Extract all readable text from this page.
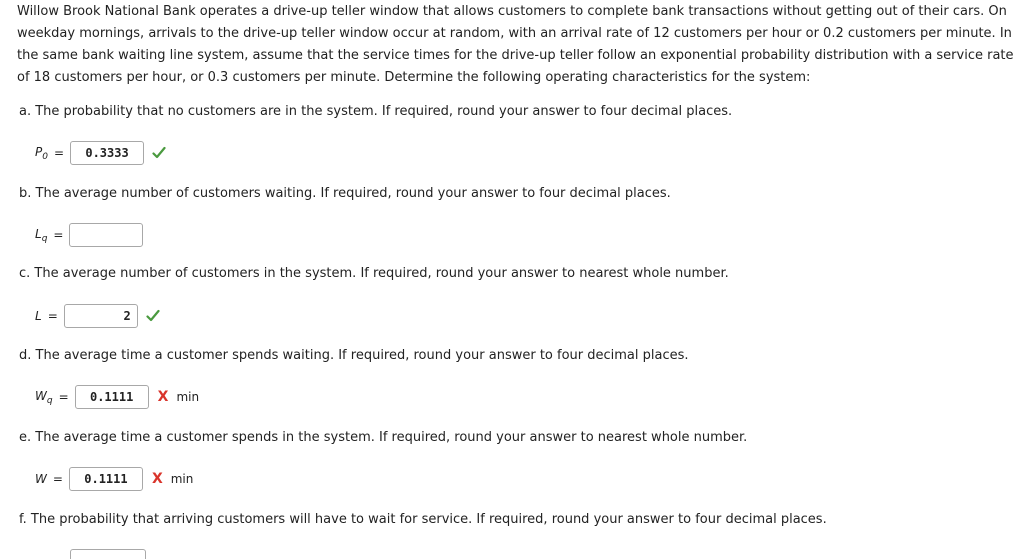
Willow Brook National Bank operates a drive-up teller window that allows customers to complete bank transactions without getting out of their cars. On weekday mornings, arrivals to the drive-up teller window occur at random, with an arrival rate of 12 customers per hour or 0.2 customers per minute. In the same bank waiting line system, assume that the service times for the drive-up teller follow an exponential probability distribution with a service rate of 18 customers per hour, or 0.3 customers per minute. Determine the following operating characteristics for the system:
a. The probability that no customers are in the system. If required, round your answer to four decimal places.
$P_0$ =	0.3333
b. The average number of customers waiting. If required, round your answer to four decimal places.
$L_q$ =
c. The average number of customers in the system. If required, round your answer to nearest whole number.
L =	2
d. The average time a customer spends waiting. If required, round your answer to four decimal places.
$W_q$ =	0.1111	X min
e. The average time a customer spends in the system. If required, round your answer to nearest whole number.
W =	0.1111	X min
f. The probability that arriving customers will have to wait for service. If required, round your answer to four decimal places.
